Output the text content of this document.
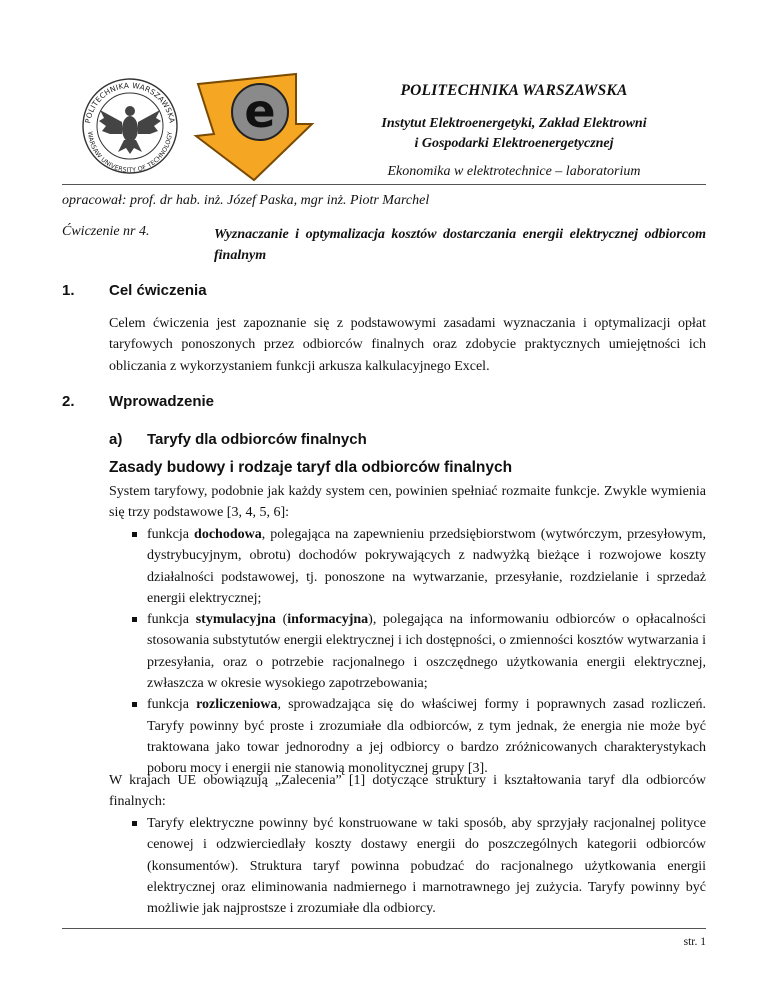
POLITECHNIKA WARSZAWSKA
WARSAW UNIVERSITY OF TECHNOLOGY e	POLITECHNIKA WARSZAWSKA
Instytut Elektroenergetyki, Zakład Elektrowni
i Gospodarki Elektroenergetycznej
Ekonomika w elektrotechnice – laboratorium
opracował: prof. dr hab. inż. Józef Paska, mgr inż. Piotr Marchel
Ćwiczenie nr 4.	Wyznaczanie i optymalizacja kosztów dostarczania energii elektrycznej odbiorcom finalnym
1. Cel ćwiczenia
Celem ćwiczenia jest zapoznanie się z podstawowymi zasadami wyznaczania i optymalizacji opłat taryfowych ponoszonych przez odbiorców finalnych oraz zdobycie praktycznych umiejętności ich obliczania z wykorzystaniem funkcji arkusza kalkulacyjnego Excel.
2. Wprowadzenie
a) Taryfy dla odbiorców finalnych
Zasady budowy i rodzaje taryf dla odbiorców finalnych
System taryfowy, podobnie jak każdy system cen, powinien spełniać rozmaite funkcje. Zwykle wymienia się trzy podstawowe [3, 4, 5, 6]:
funkcja dochodowa, polegająca na zapewnieniu przedsiębiorstwom (wytwórczym, przesyłowym, dystrybucyjnym, obrotu) dochodów pokrywających z nadwyżką bieżące i rozwojowe koszty działalności podstawowej, tj. ponoszone na wytwarzanie, przesyłanie, rozdzielanie i sprzedaż energii elektrycznej;
funkcja stymulacyjna (informacyjna), polegająca na informowaniu odbiorców o opłacalności stosowania substytutów energii elektrycznej i ich dostępności, o zmienności kosztów wytwarzania i przesyłania, oraz o potrzebie racjonalnego i oszczędnego użytkowania energii elektrycznej, zwłaszcza w okresie wysokiego zapotrzebowania;
funkcja rozliczeniowa, sprowadzająca się do właściwej formy i poprawnych zasad rozliczeń. Taryfy powinny być proste i zrozumiałe dla odbiorców, z tym jednak, że energia nie może być traktowana jako towar jednorodny a jej odbiorcy o bardzo zróżnicowanych charakterystykach poboru mocy i energii nie stanowią monolitycznej grupy [3].
W krajach UE obowiązują „Zalecenia” [1] dotyczące struktury i kształtowania taryf dla odbiorców finalnych:
Taryfy elektryczne powinny być konstruowane w taki sposób, aby sprzyjały racjonalnej polityce cenowej i odzwierciedlały koszty dostawy energii do poszczególnych kategorii odbiorców (konsumentów). Struktura taryf powinna pobudzać do racjonalnego użytkowania energii elektrycznej oraz eliminowania nadmiernego i marnotrawnego jej zużycia. Taryfy powinny być możliwie jak najprostsze i zrozumiałe dla odbiorcy.
str. 1
